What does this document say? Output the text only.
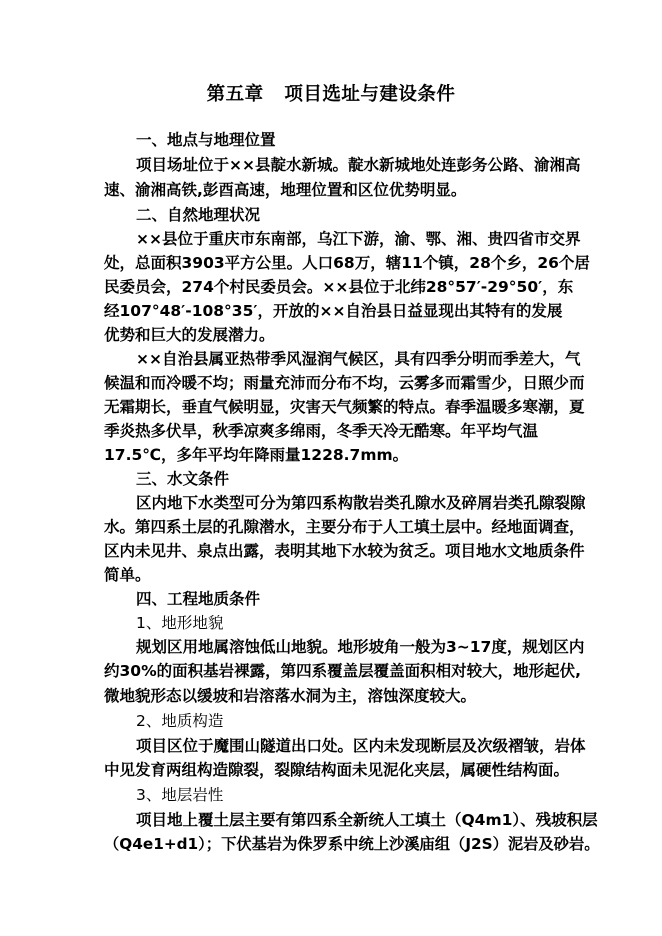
第五章   项目选址与建设条件
一、地点与地理位置
项目场址位于××县靛水新城。靛水新城地处连彭务公路、渝湘高
速、渝湘高铁,彭酉高速，地理位置和区位优势明显。
二、自然地理状况
××县位于重庆市东南部，乌江下游，渝、鄂、湘、贵四省市交界
处，总面积3903平方公里。人口68万，辖11个镇，28个乡，26个居
民委员会，274个村民委员会。××县位于北纬28°57′-29°50′，东
经107°48′-108°35′，开放的××自治县日益显现出其特有的发展
优势和巨大的发展潜力。
××自治县属亚热带季风湿润气候区，具有四季分明而季差大，气
候温和而冷暖不均；雨量充沛而分布不均，云雾多而霜雪少，日照少而
无霜期长，垂直气候明显，灾害天气频繁的特点。春季温暖多寒潮，夏
季炎热多伏旱，秋季凉爽多绵雨，冬季天冷无酷寒。年平均气温
17.5℃，多年平均年降雨量1228.7mm。
三、水文条件
区内地下水类型可分为第四系构散岩类孔隙水及碎屑岩类孔隙裂隙
水。第四系土层的孔隙潜水，主要分布于人工填土层中。经地面调查，
区内未见井、泉点出露，表明其地下水较为贫乏。项目地水文地质条件
简单。
四、工程地质条件
1、地形地貌
规划区用地属溶蚀低山地貌。地形坡角一般为3~17度，规划区内
约30%的面积基岩裸露，第四系覆盖层覆盖面积相对较大，地形起伏,
微地貌形态以缓坡和岩溶落水洞为主，溶蚀深度较大。
2、地质构造
项目区位于魔围山隧道出口处。区内未发现断层及次级褶皱，岩体
中见发育两组构造隙裂，裂隙结构面未见泥化夹层，属硬性结构面。
3、地层岩性
项目地上覆土层主要有第四系全新统人工填土（Q4m1）、残坡积层
（Q4e1+d1）；下伏基岩为侏罗系中统上沙溪庙组（J2S）泥岩及砂岩。
